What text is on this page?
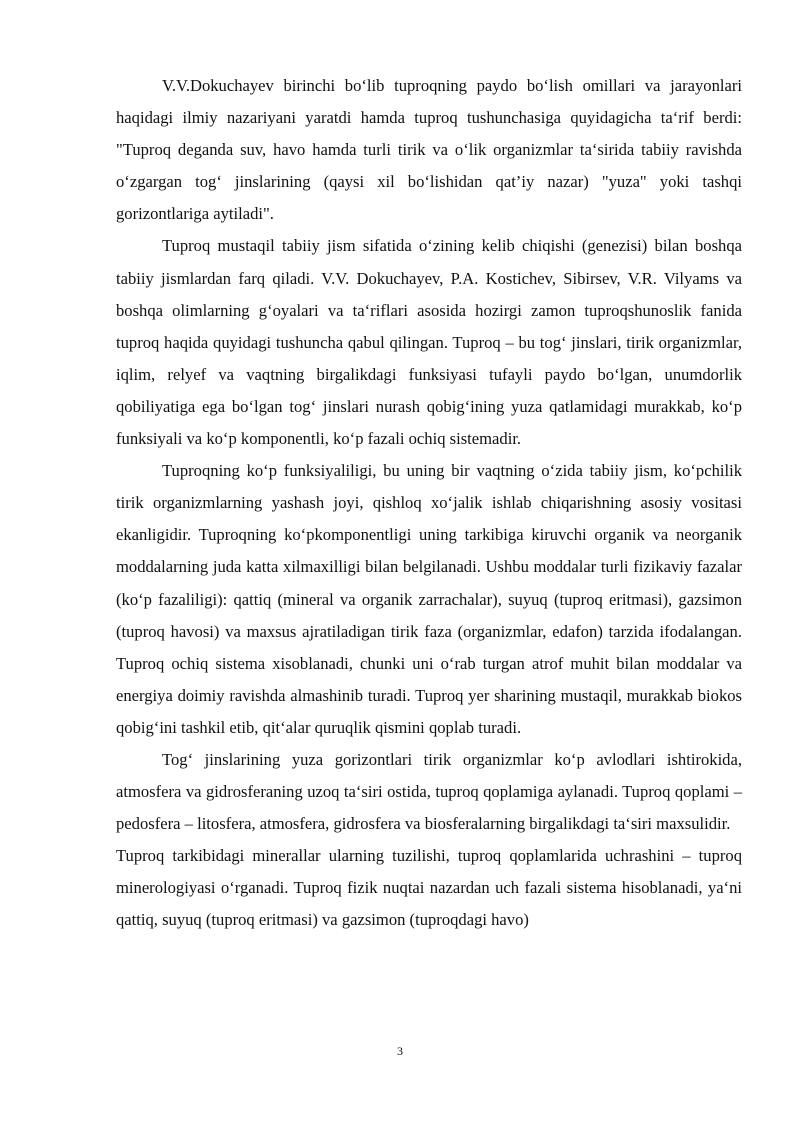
V.V.Dokuchayev birinchi bo‘lib tuproqning paydo bo‘lish omillari va jarayonlari haqidagi ilmiy nazariyani yaratdi hamda tuproq tushunchasiga quyidagicha ta‘rif berdi: "Tuproq deganda suv, havo hamda turli tirik va o‘lik organizmlar ta‘sirida tabiiy ravishda o‘zgargan tog‘ jinslarining (qaysi xil bo‘lishidan qat’iy nazar) "yuza" yoki tashqi gorizontlariga aytiladi".

Tuproq mustaqil tabiiy jism sifatida o‘zining kelib chiqishi (genezisi) bilan boshqa tabiiy jismlardan farq qiladi. V.V. Dokuchayev, P.A. Kostichev, Sibirsev, V.R. Vilyams va boshqa olimlarning g‘oyalari va ta‘riflari asosida hozirgi zamon tuproqshunoslik fanida tuproq haqida quyidagi tushuncha qabul qilingan. Tuproq – bu tog‘ jinslari, tirik organizmlar, iqlim, relyef va vaqtning birgalikdagi funksiyasi tufayli paydo bo‘lgan, unumdorlik qobiliyatiga ega bo‘lgan tog‘ jinslari nurash qobig‘ining yuza qatlamidagi murakkab, ko‘p funksiyali va ko‘p komponentli, ko‘p fazali ochiq sistemadir.

Tuproqning ko‘p funksiyaliligi, bu uning bir vaqtning o‘zida tabiiy jism, ko‘pchilik tirik organizmlarning yashash joyi, qishloq xo‘jalik ishlab chiqarishning asosiy vositasi ekanligidir. Tuproqning ko‘pkomponentligi uning tarkibiga kiruvchi organik va neorganik moddalarning juda katta xilmaxilligi bilan belgilanadi. Ushbu moddalar turli fizikaviy fazalar (ko‘p fazaliligi): qattiq (mineral va organik zarrachalar), suyuq (tuproq eritmasi), gazsimon (tuproq havosi) va maxsus ajratiladigan tirik faza (organizmlar, edafon) tarzida ifodalangan. Tuproq ochiq sistema xisoblanadi, chunki uni o‘rab turgan atrof muhit bilan moddalar va energiya doimiy ravishda almashinib turadi. Tuproq yer sharining mustaqil, murakkab biokos qobig‘ini tashkil etib, qit‘alar quruqlik qismini qoplab turadi.

Tog‘ jinslarining yuza gorizontlari tirik organizmlar ko‘p avlodlari ishtirokida, atmosfera va gidrosferaning uzoq ta‘siri ostida, tuproq qoplamiga aylanadi. Tuproq qoplami – pedosfera – litosfera, atmosfera, gidrosfera va biosferalarning birgalikdagi ta‘siri maxsulidir.

Tuproq tarkibidagi minerallar ularning tuzilishi, tuproq qoplamlarida uchrashini – tuproq minerologiyasi o‘rganadi. Tuproq fizik nuqtai nazardan uch fazali sistema hisoblanadi, ya‘ni qattiq, suyuq (tuproq eritmasi) va gazsimon (tuproqdagi havo)

3
